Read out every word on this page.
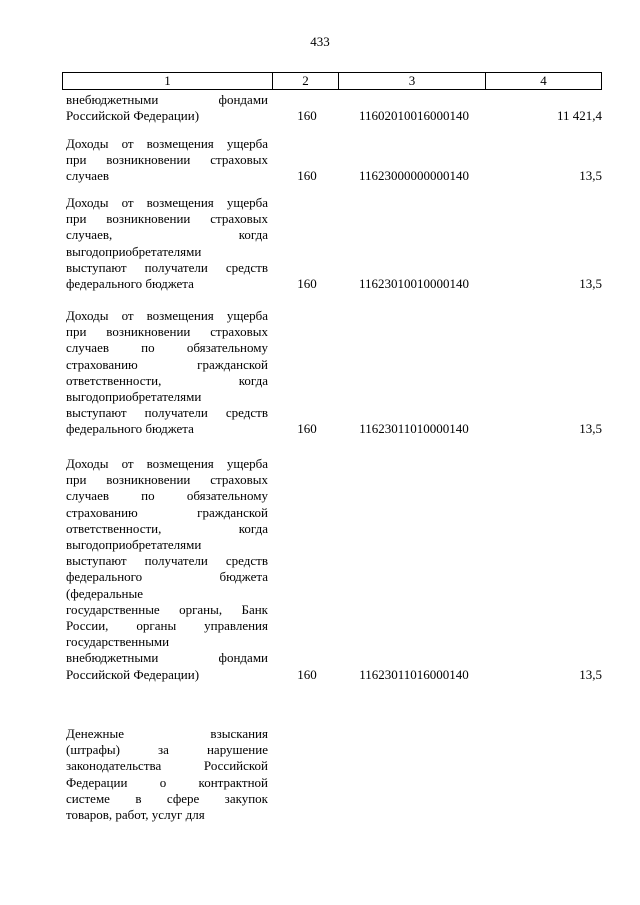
433
1	2	3	4
внебюджетными фондами
Российской Федерации)	160	11602010016000140	11 421,4
Доходы от возмещения ущерба
при возникновении страховых
случаев	160	11623000000000140	13,5
Доходы от возмещения ущерба
при возникновении страховых
случаев, когда
выгодоприобретателями
выступают получатели средств
федерального бюджета	160	11623010010000140	13,5
Доходы от возмещения ущерба
при возникновении страховых
случаев по обязательному
страхованию гражданской
ответственности, когда
выгодоприобретателями
выступают получатели средств
федерального бюджета	160	11623011010000140	13,5
Доходы от возмещения ущерба
при возникновении страховых
случаев по обязательному
страхованию гражданской
ответственности, когда
выгодоприобретателями
выступают получатели средств
федерального бюджета
(федеральные
государственные органы, Банк
России, органы управления
государственными
внебюджетными фондами
Российской Федерации)	160	11623011016000140	13,5
Денежные взыскания
(штрафы) за нарушение
законодательства Российской
Федерации о контрактной
системе в сфере закупок
товаров, работ, услуг для
